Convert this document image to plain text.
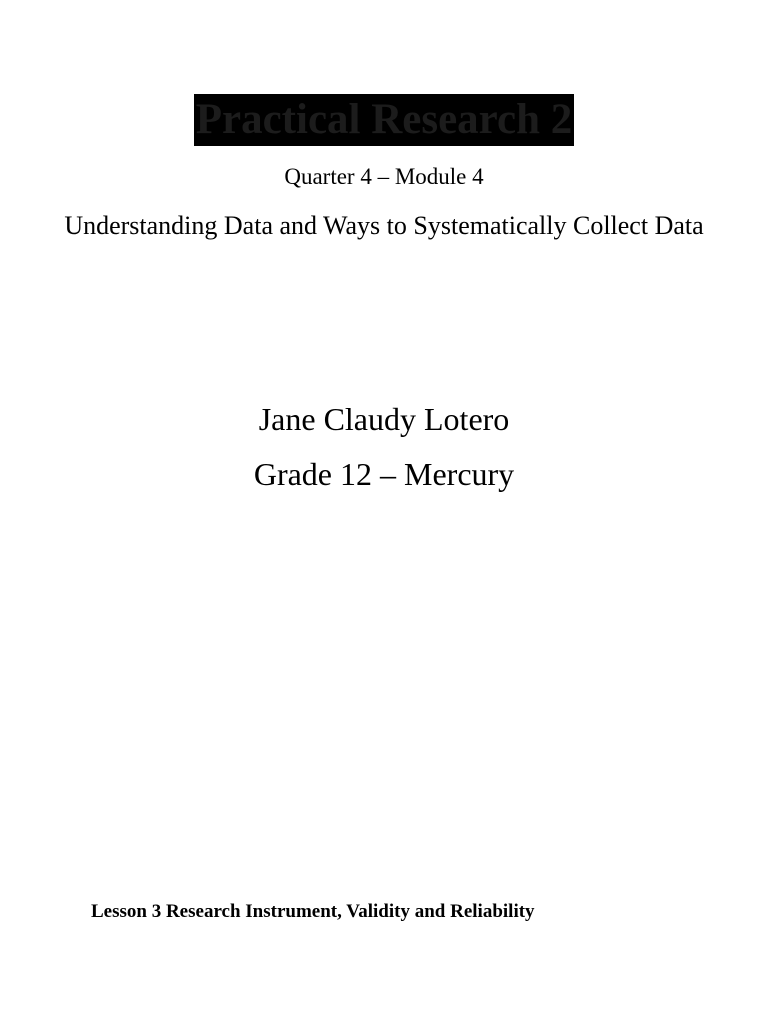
Practical Research 2
Quarter 4 – Module 4
Understanding Data and Ways to Systematically Collect Data
Jane Claudy Lotero
Grade 12 – Mercury
Lesson 3 Research Instrument, Validity and Reliability
